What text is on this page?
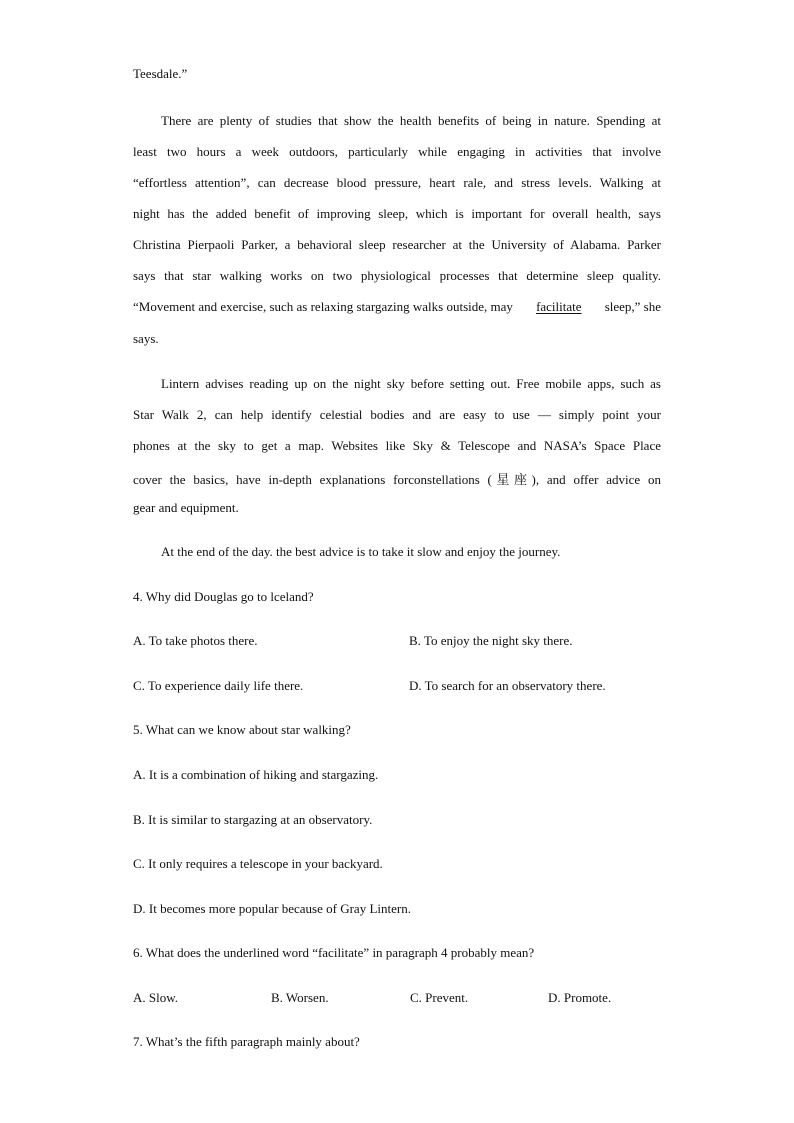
Teesdale.”
There are plenty of studies that show the health benefits of being in nature. Spending at
least two hours a week outdoors, particularly while engaging in activities that involve
“effortless attention”, can decrease blood pressure, heart rale, and stress levels. Walking at
night has the added benefit of improving sleep, which is important for overall health, says
Christina Pierpaoli Parker, a behavioral sleep researcher at the University of Alabama. Parker
says that star walking works on two physiological processes that determine sleep quality.
“Movement and exercise, such as relaxing stargazing walks outside, may facilitate sleep,” she
says.
Lintern advises reading up on the night sky before setting out. Free mobile apps, such as
Star Walk 2, can help identify celestial bodies and are easy to use — simply point your
phones at the sky to get a map. Websites like Sky & Telescope and NASA’s Space Place
cover the basics, have in-depth explanations forconstellations (星座), and offer advice on
gear and equipment.
At the end of the day. the best advice is to take it slow and enjoy the journey.
4. Why did Douglas go to lceland?
A. To take photos there.	B. To enjoy the night sky there.
C. To experience daily life there.	D. To search for an observatory there.
5. What can we know about star walking?
A. It is a combination of hiking and stargazing.
B. It is similar to stargazing at an observatory.
C. It only requires a telescope in your backyard.
D. It becomes more popular because of Gray Lintern.
6. What does the underlined word “facilitate” in paragraph 4 probably mean?
A. Slow.	B. Worsen.	C. Prevent.	D. Promote.
7. What’s the fifth paragraph mainly about?
